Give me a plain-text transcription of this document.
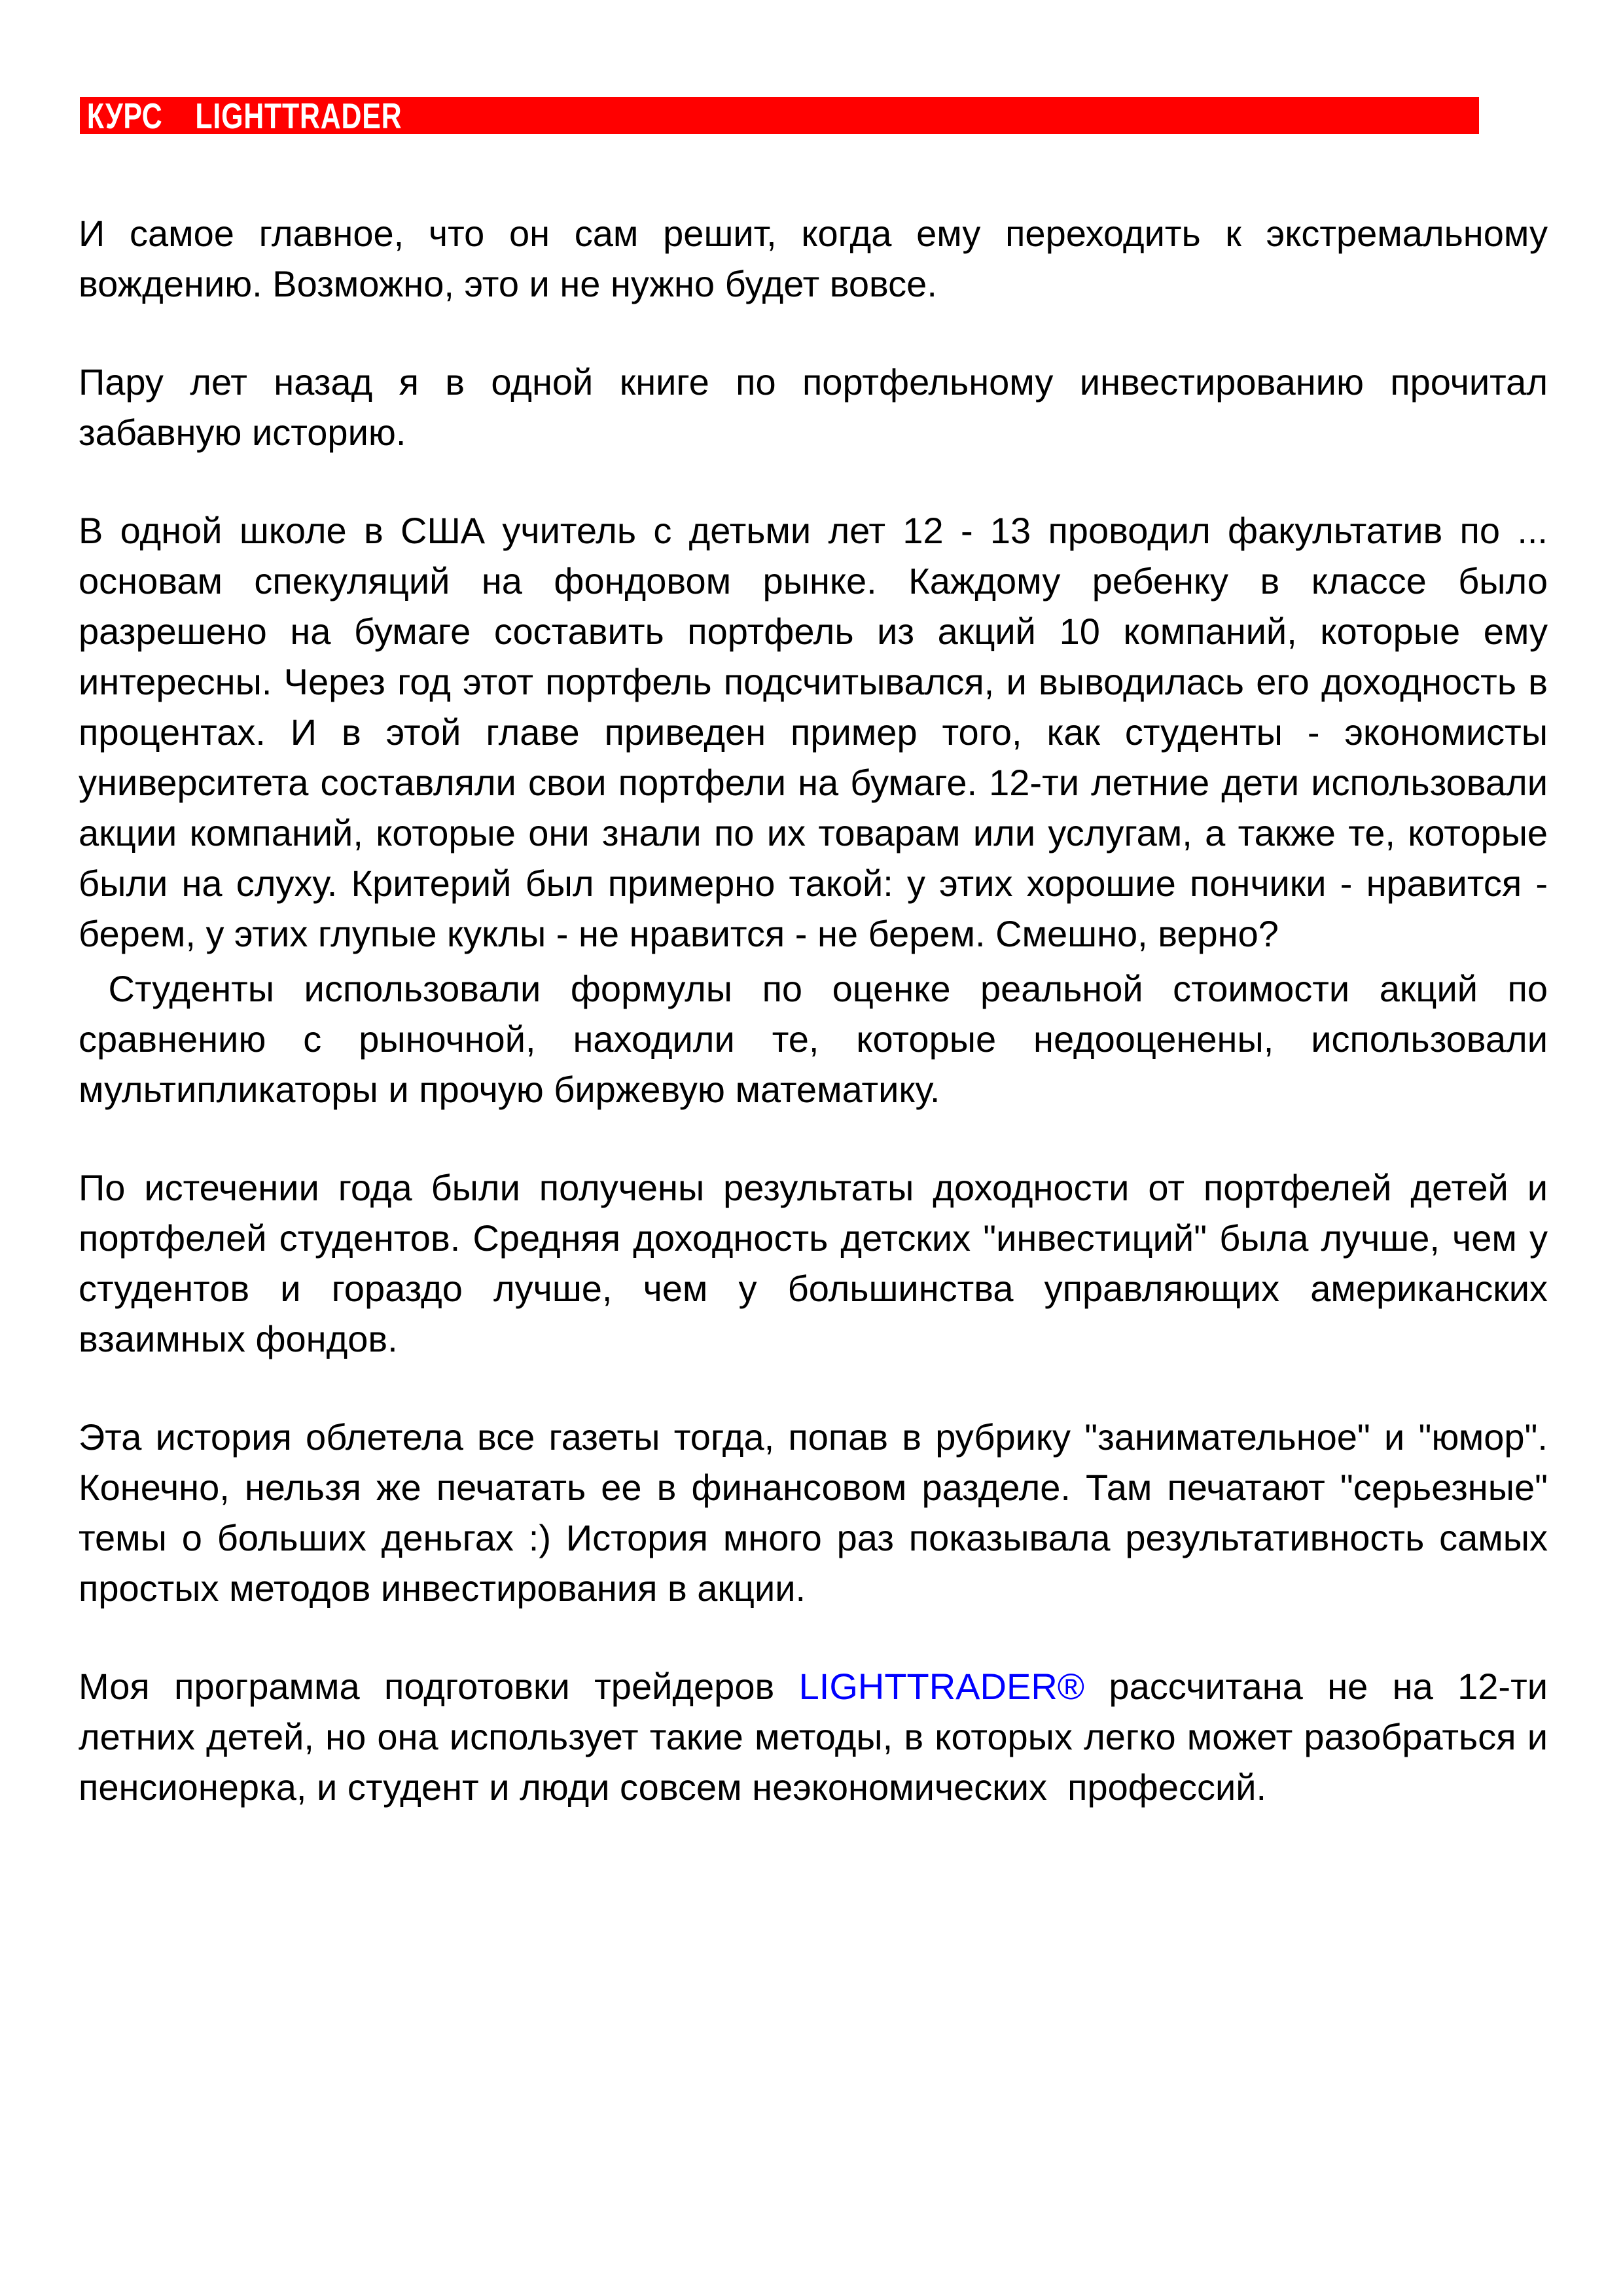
КУРС LIGHTTRADER

И самое главное, что он сам решит, когда ему переходить к экстремальному вождению. Возможно, это и не нужно будет вовсе.

Пару лет назад я в одной книге по портфельному инвестированию прочитал забавную историю.

В одной школе в США учитель с детьми лет 12 - 13 проводил факультатив по ... основам спекуляций на фондовом рынке. Каждому ребенку в классе было разрешено на бумаге составить портфель из акций 10 компаний, которые ему интересны. Через год этот портфель подсчитывался, и выводилась его доходность в процентах. И в этой главе приведен пример того, как студенты - экономисты университета составляли свои портфели на бумаге. 12-ти летние дети использовали акции компаний, которые они знали по их товарам или услугам, а также те, которые были на слуху. Критерий был примерно такой: у этих хорошие пончики - нравится - берем, у этих глупые куклы - не нравится - не берем. Смешно, верно?

Студенты использовали формулы по оценке реальной стоимости акций по сравнению с рыночной, находили те, которые недооценены, использовали мультипликаторы и прочую биржевую математику.

По истечении года были получены результаты доходности от портфелей детей и портфелей студентов. Средняя доходность детских "инвестиций" была лучше, чем у студентов и гораздо лучше, чем у большинства управляющих американских взаимных фондов.

Эта история облетела все газеты тогда, попав в рубрику "занимательное" и "юмор". Конечно, нельзя же печатать ее в финансовом разделе. Там печатают "серьезные" темы о больших деньгах :) История много раз показывала результативность самых простых методов инвестирования в акции.

Моя программа подготовки трейдеров LIGHTTRADER® рассчитана не на 12-ти летних детей, но она использует такие методы, в которых легко может разобраться и пенсионерка, и студент и люди совсем неэкономических  профессий.
